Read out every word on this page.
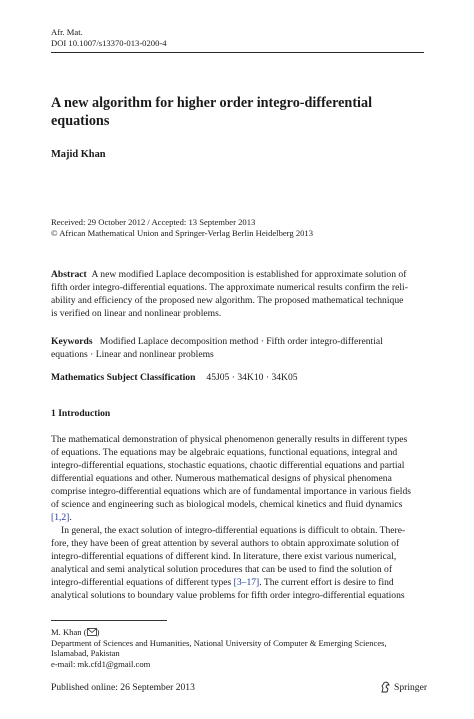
Afr. Mat.
DOI 10.1007/s13370-013-0200-4
A new algorithm for higher order integro-differential
equations
Majid Khan
Received: 29 October 2012 / Accepted: 13 September 2013
© African Mathematical Union and Springer-Verlag Berlin Heidelberg 2013
Abstract A new modified Laplace decomposition is established for approximate solution of
fifth order integro-differential equations. The approximate numerical results confirm the reli-
ability and efficiency of the proposed new algorithm. The proposed mathematical technique
is verified on linear and nonlinear problems.
Keywords Modified Laplace decomposition method · Fifth order integro-differential
equations · Linear and nonlinear problems
Mathematics Subject Classification 45J05 · 34K10 · 34K05
1 Introduction
The mathematical demonstration of physical phenomenon generally results in different types
of equations. The equations may be algebraic equations, functional equations, integral and
integro-differential equations, stochastic equations, chaotic differential equations and partial
differential equations and other. Numerous mathematical designs of physical phenomena
comprise integro-differential equations which are of fundamental importance in various fields
of science and engineering such as biological models, chemical kinetics and fluid dynamics
[1,2].
In general, the exact solution of integro-differential equations is difficult to obtain. There-
fore, they have been of great attention by several authors to obtain approximate solution of
integro-differential equations of different kind. In literature, there exist various numerical,
analytical and semi analytical solution procedures that can be used to find the solution of
integro-differential equations of different types [3–17]. The current effort is desire to find
analytical solutions to boundary value problems for fifth order integro-differential equations
M. Khan ( )
Department of Sciences and Humanities, National University of Computer & Emerging Sciences,
Islamabad, Pakistan
e-mail: mk.cfd1@gmail.com
Published online: 26 September 2013	Springer
